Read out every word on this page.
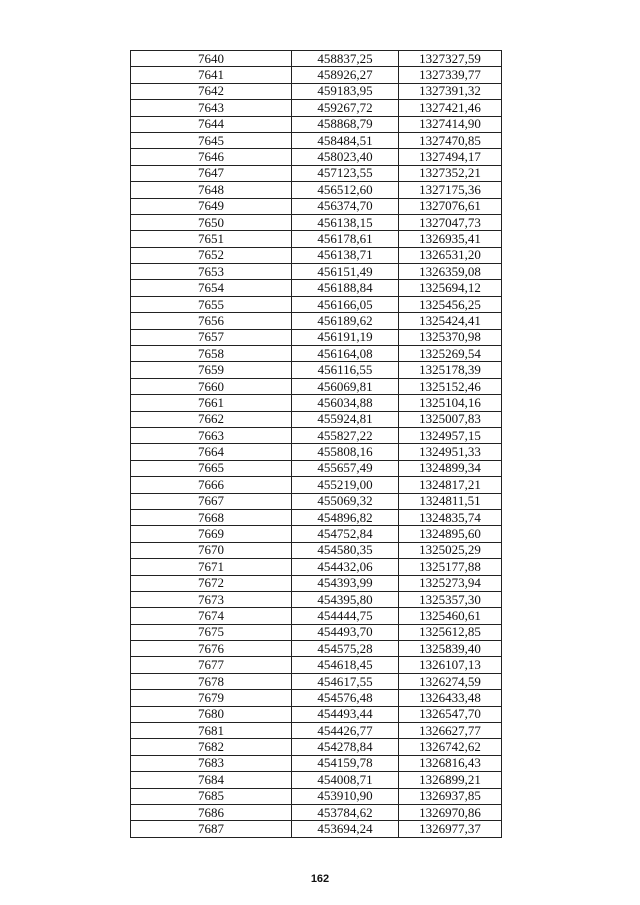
7640	458837,25	1327327,59
7641	458926,27	1327339,77
7642	459183,95	1327391,32
7643	459267,72	1327421,46
7644	458868,79	1327414,90
7645	458484,51	1327470,85
7646	458023,40	1327494,17
7647	457123,55	1327352,21
7648	456512,60	1327175,36
7649	456374,70	1327076,61
7650	456138,15	1327047,73
7651	456178,61	1326935,41
7652	456138,71	1326531,20
7653	456151,49	1326359,08
7654	456188,84	1325694,12
7655	456166,05	1325456,25
7656	456189,62	1325424,41
7657	456191,19	1325370,98
7658	456164,08	1325269,54
7659	456116,55	1325178,39
7660	456069,81	1325152,46
7661	456034,88	1325104,16
7662	455924,81	1325007,83
7663	455827,22	1324957,15
7664	455808,16	1324951,33
7665	455657,49	1324899,34
7666	455219,00	1324817,21
7667	455069,32	1324811,51
7668	454896,82	1324835,74
7669	454752,84	1324895,60
7670	454580,35	1325025,29
7671	454432,06	1325177,88
7672	454393,99	1325273,94
7673	454395,80	1325357,30
7674	454444,75	1325460,61
7675	454493,70	1325612,85
7676	454575,28	1325839,40
7677	454618,45	1326107,13
7678	454617,55	1326274,59
7679	454576,48	1326433,48
7680	454493,44	1326547,70
7681	454426,77	1326627,77
7682	454278,84	1326742,62
7683	454159,78	1326816,43
7684	454008,71	1326899,21
7685	453910,90	1326937,85
7686	453784,62	1326970,86
7687	453694,24	1326977,37
162
